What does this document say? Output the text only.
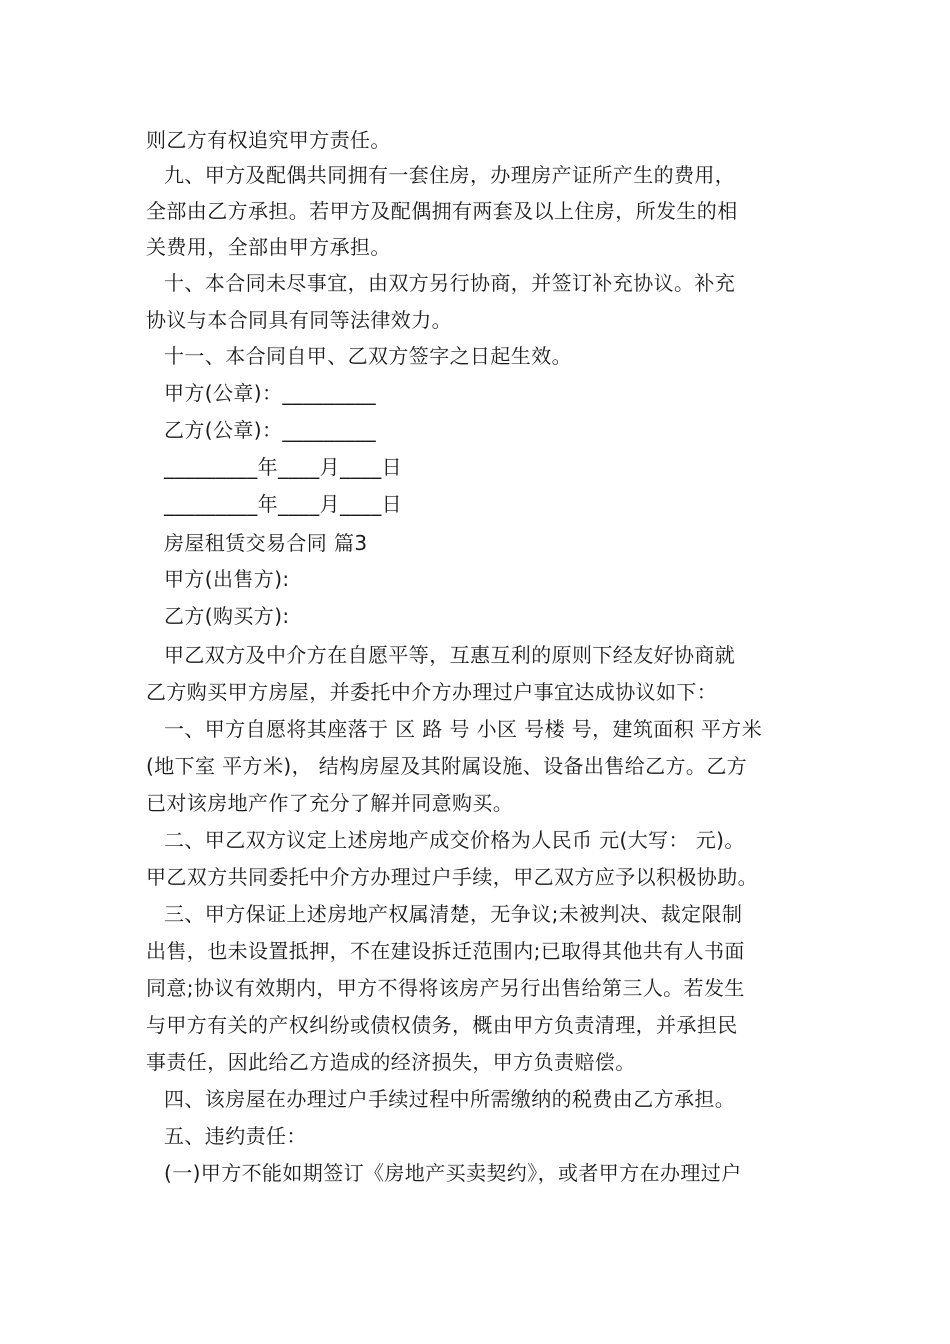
则乙方有权追究甲方责任。
九、甲方及配偶共同拥有一套住房，办理房产证所产生的费用，
全部由乙方承担。若甲方及配偶拥有两套及以上住房，所发生的相
关费用，全部由甲方承担。
十、本合同未尽事宜，由双方另行协商，并签订补充协议。补充
协议与本合同具有同等法律效力。
十一、本合同自甲、乙双方签字之日起生效。
甲方(公章)：_________
乙方(公章)：_________
_________年____月____日
_________年____月____日
房屋租赁交易合同 篇3
甲方(出售方):
乙方(购买方):
甲乙双方及中介方在自愿平等，互惠互利的原则下经友好协商就
乙方购买甲方房屋，并委托中介方办理过户事宜达成协议如下：
一、甲方自愿将其座落于 区 路 号 小区 号楼 号，建筑面积 平方米
(地下室 平方米)， 结构房屋及其附属设施、设备出售给乙方。乙方
已对该房地产作了充分了解并同意购买。
二、甲乙双方议定上述房地产成交价格为人民币 元(大写： 元)。
甲乙双方共同委托中介方办理过户手续，甲乙双方应予以积极协助。
三、甲方保证上述房地产权属清楚，无争议;未被判决、裁定限制
出售，也未设置抵押，不在建设拆迁范围内;已取得其他共有人书面
同意;协议有效期内，甲方不得将该房产另行出售给第三人。若发生
与甲方有关的产权纠纷或债权债务，概由甲方负责清理，并承担民
事责任，因此给乙方造成的经济损失，甲方负责赔偿。
四、该房屋在办理过户手续过程中所需缴纳的税费由乙方承担。
五、违约责任：
(一)甲方不能如期签订《房地产买卖契约》，或者甲方在办理过户
